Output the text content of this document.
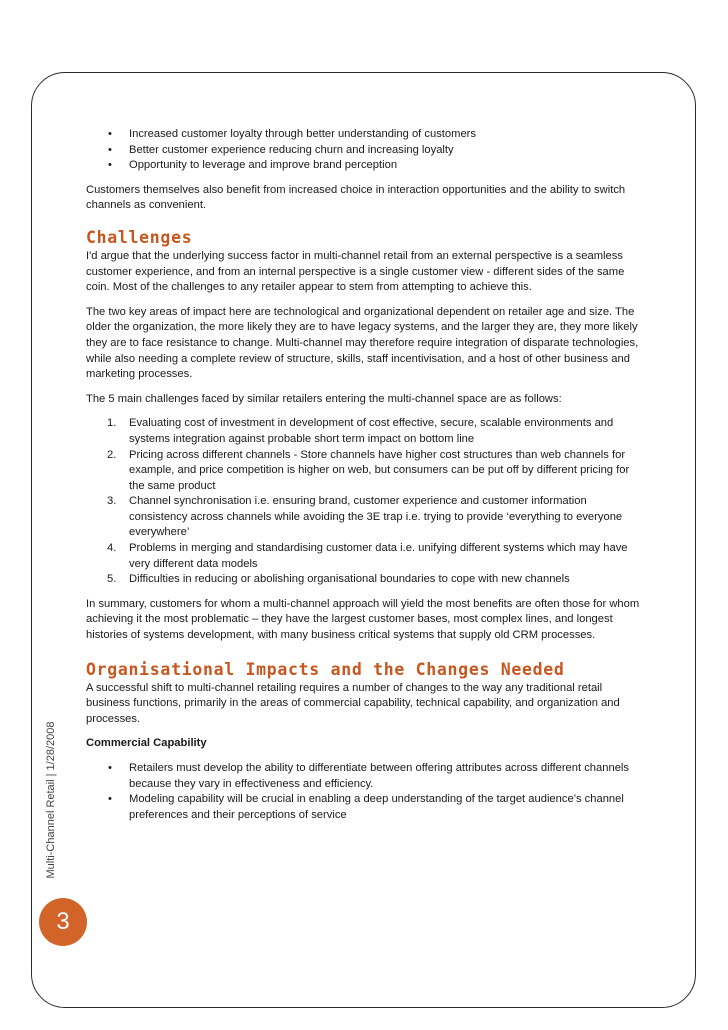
Multi-Channel Retail | 1/28/2008
3
• Increased customer loyalty through better understanding of customers
• Better customer experience reducing churn and increasing loyalty
• Opportunity to leverage and improve brand perception

Customers themselves also benefit from increased choice in interaction opportunities and the ability to switch channels as convenient.

Challenges

I'd argue that the underlying success factor in multi-channel retail from an external perspective is a seamless customer experience, and from an internal perspective is a single customer view - different sides of the same coin. Most of the challenges to any retailer appear to stem from attempting to achieve this.

The two key areas of impact here are technological and organizational dependent on retailer age and size. The older the organization, the more likely they are to have legacy systems, and the larger they are, they more likely they are to face resistance to change. Multi-channel may therefore require integration of disparate technologies, while also needing a complete review of structure, skills, staff incentivisation, and a host of other business and marketing processes.

The 5 main challenges faced by similar retailers entering the multi-channel space are as follows:

1. Evaluating cost of investment in development of cost effective, secure, scalable environments and systems integration against probable short term impact on bottom line
2. Pricing across different channels - Store channels have higher cost structures than web channels for example, and price competition is higher on web, but consumers can be put off by different pricing for the same product
3. Channel synchronisation i.e. ensuring brand, customer experience and customer information consistency across channels while avoiding the 3E trap i.e. trying to provide ‘everything to everyone everywhere’
4. Problems in merging and standardising customer data i.e. unifying different systems which may have very different data models
5. Difficulties in reducing or abolishing organisational boundaries to cope with new channels

In summary, customers for whom a multi-channel approach will yield the most benefits are often those for whom achieving it the most problematic – they have the largest customer bases, most complex lines, and longest histories of systems development, with many business critical systems that supply old CRM processes.

Organisational Impacts and the Changes Needed

A successful shift to multi-channel retailing requires a number of changes to the way any traditional retail business functions, primarily in the areas of commercial capability, technical capability, and organization and processes.

Commercial Capability

• Retailers must develop the ability to differentiate between offering attributes across different channels because they vary in effectiveness and efficiency.
• Modeling capability will be crucial in enabling a deep understanding of the target audience’s channel preferences and their perceptions of service
